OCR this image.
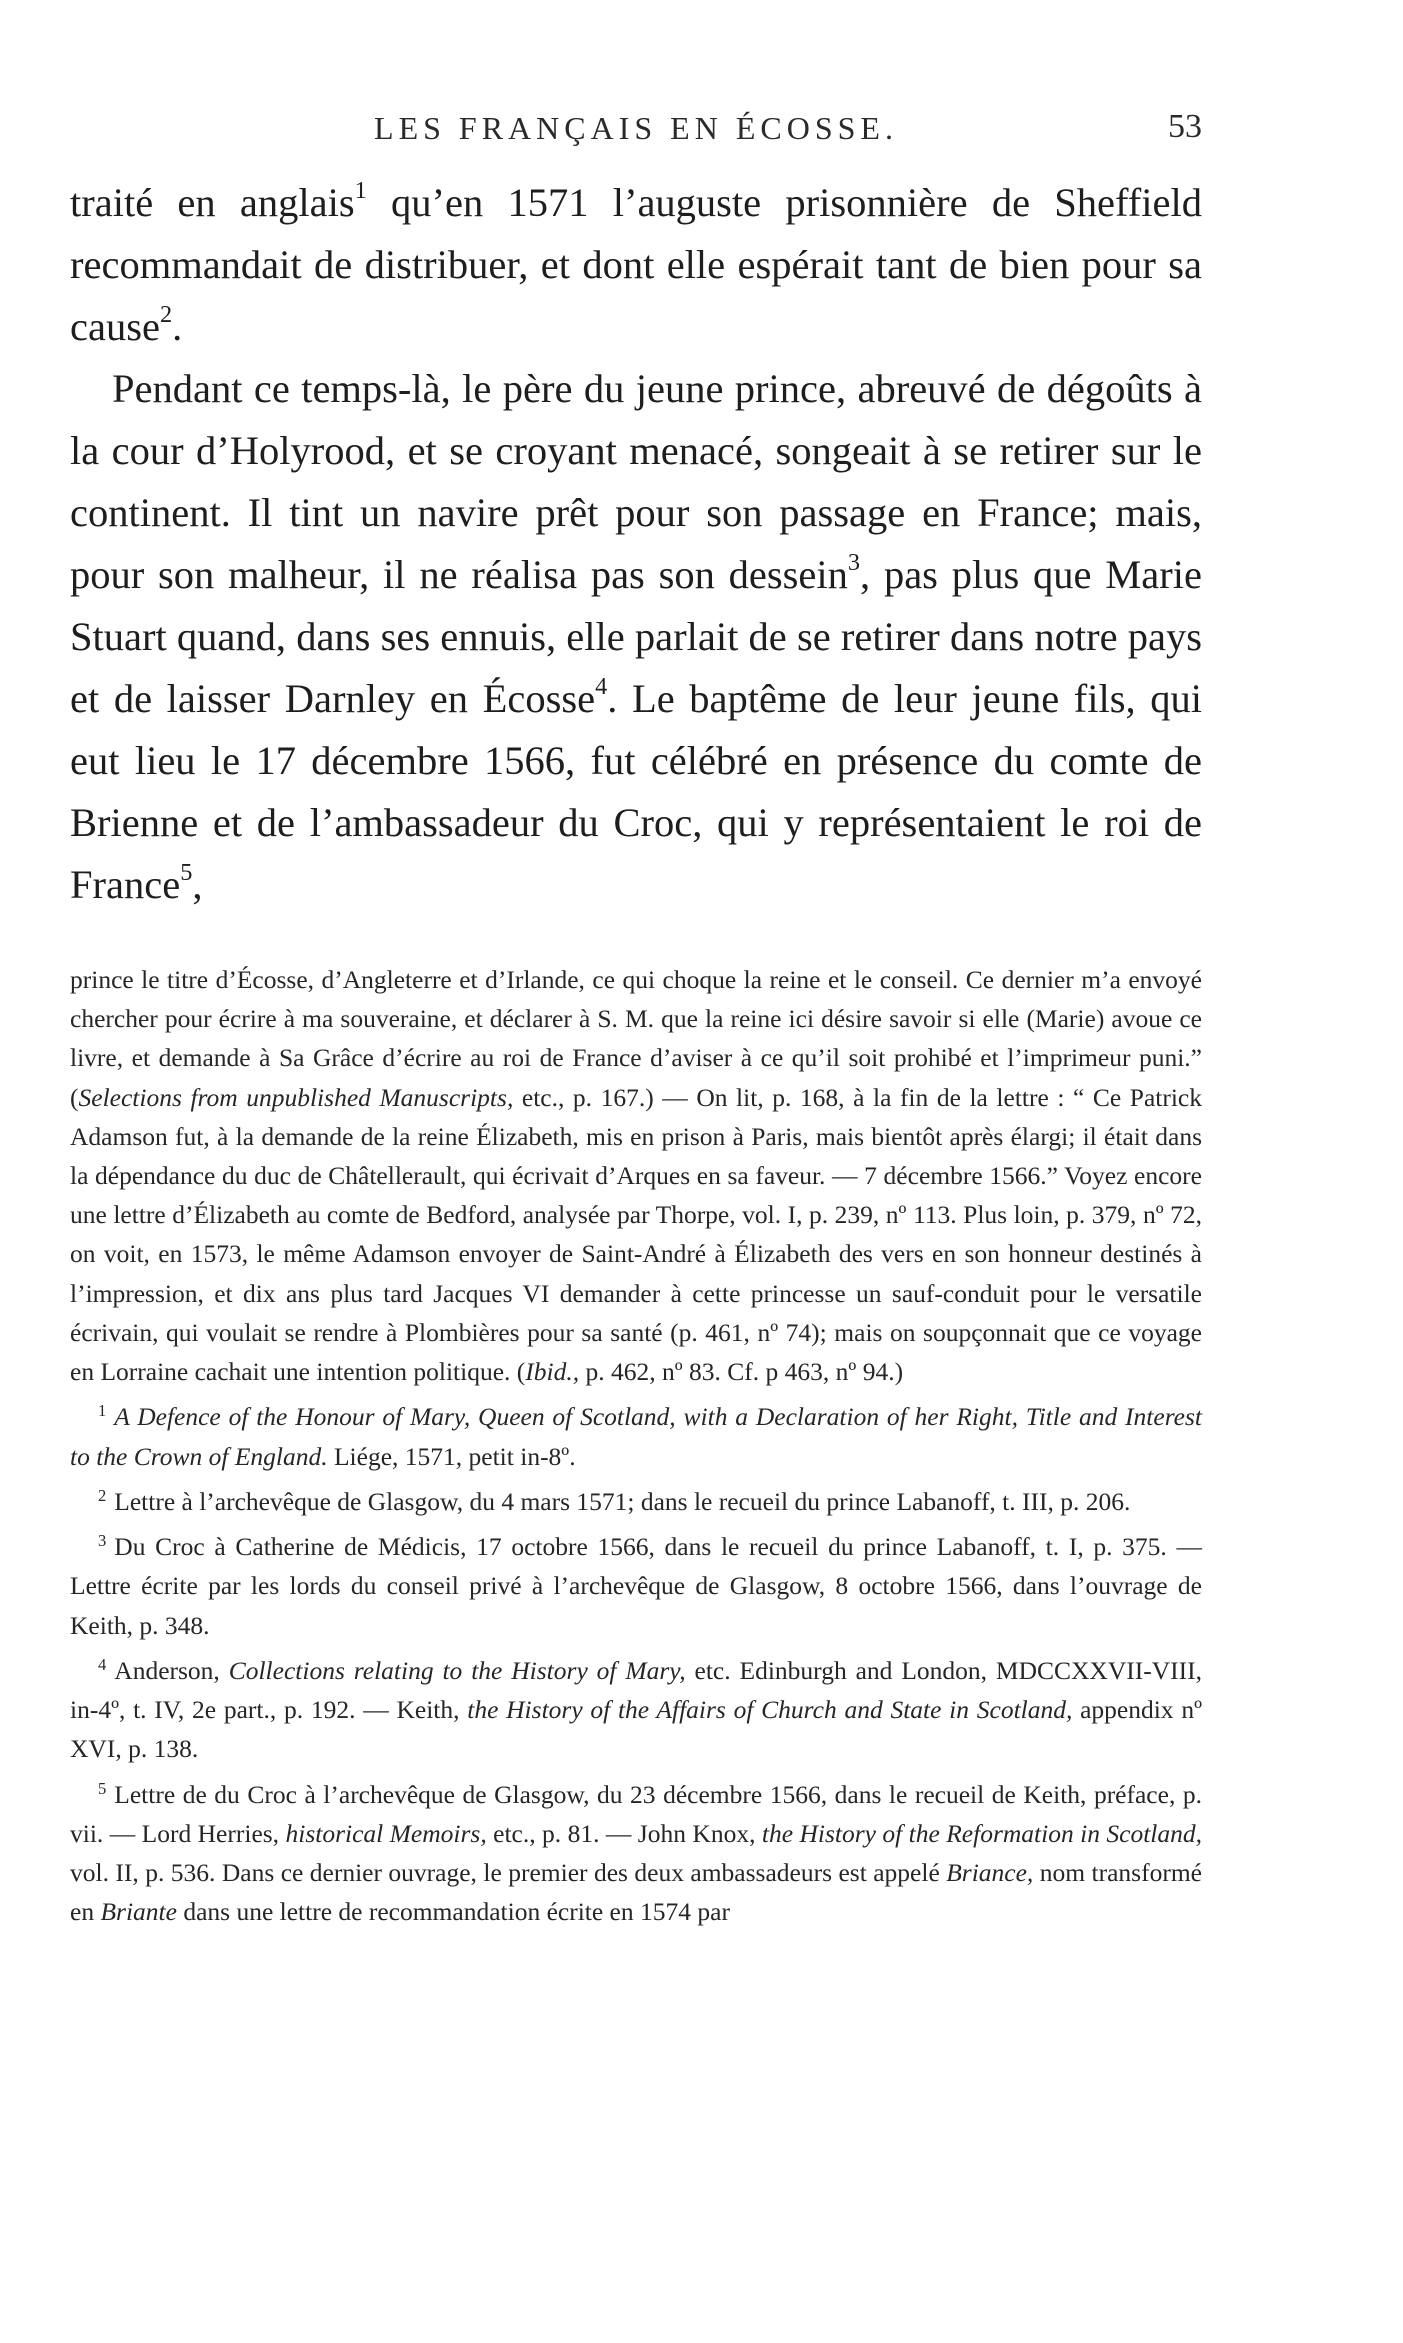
LES FRANÇAIS EN ÉCOSSE.	53

traité en anglais$^1$ qu’en 1571 l’auguste prisonnière de Sheffield recommandait de distribuer, et dont elle espérait tant de bien pour sa cause$^2$.

Pendant ce temps-là, le père du jeune prince, abreuvé de dégoûts à la cour d’Holyrood, et se croyant menacé, songeait à se retirer sur le continent. Il tint un navire prêt pour son passage en France; mais, pour son malheur, il ne réalisa pas son dessein$^3$, pas plus que Marie Stuart quand, dans ses ennuis, elle parlait de se retirer dans notre pays et de laisser Darnley en Écosse$^4$. Le baptême de leur jeune fils, qui eut lieu le 17 décembre 1566, fut célébré en présence du comte de Brienne et de l’ambassadeur du Croc, qui y représentaient le roi de France$^5$,

prince le titre d’Écosse, d’Angleterre et d’Irlande, ce qui choque la reine et le conseil. Ce dernier m’a envoyé chercher pour écrire à ma souveraine, et déclarer à S. M. que la reine ici désire savoir si elle (Marie) avoue ce livre, et demande à Sa Grâce d’écrire au roi de France d’aviser à ce qu’il soit prohibé et l’imprimeur puni.” (Selections from unpublished Manuscripts, etc., p. 167.) — On lit, p. 168, à la fin de la lettre : “ Ce Patrick Adamson fut, à la demande de la reine Élizabeth, mis en prison à Paris, mais bientôt après élargi; il était dans la dépendance du duc de Châtellerault, qui écrivait d’Arques en sa faveur. — 7 décembre 1566.” Voyez encore une lettre d’Élizabeth au comte de Bedford, analysée par Thorpe, vol. I, p. 239, nº 113. Plus loin, p. 379, nº 72, on voit, en 1573, le même Adamson envoyer de Saint-André à Élizabeth des vers en son honneur destinés à l’impression, et dix ans plus tard Jacques VI demander à cette princesse un sauf-conduit pour le versatile écrivain, qui voulait se rendre à Plombières pour sa santé (p. 461, nº 74); mais on soupçonnait que ce voyage en Lorraine cachait une intention politique. (Ibid., p. 462, nº 83. Cf. p 463, nº 94.)

$^1$ A Defence of the Honour of Mary, Queen of Scotland, with a Declaration of her Right, Title and Interest to the Crown of England. Liége, 1571, petit in-8º.

$^2$ Lettre à l’archevêque de Glasgow, du 4 mars 1571; dans le recueil du prince Labanoff, t. III, p. 206.

$^3$ Du Croc à Catherine de Médicis, 17 octobre 1566, dans le recueil du prince Labanoff, t. I, p. 375. — Lettre écrite par les lords du conseil privé à l’archevêque de Glasgow, 8 octobre 1566, dans l’ouvrage de Keith, p. 348.

$^4$ Anderson, Collections relating to the History of Mary, etc. Edinburgh and London, MDCCXXVII-VIII, in-4º, t. IV, 2e part., p. 192. — Keith, the History of the Affairs of Church and State in Scotland, appendix nº XVI, p. 138.

$^5$ Lettre de du Croc à l’archevêque de Glasgow, du 23 décembre 1566, dans le recueil de Keith, préface, p. vii. — Lord Herries, historical Memoirs, etc., p. 81. — John Knox, the History of the Reformation in Scotland, vol. II, p. 536. Dans ce dernier ouvrage, le premier des deux ambassadeurs est appelé Briance, nom transformé en Briante dans une lettre de recommandation écrite en 1574 par
